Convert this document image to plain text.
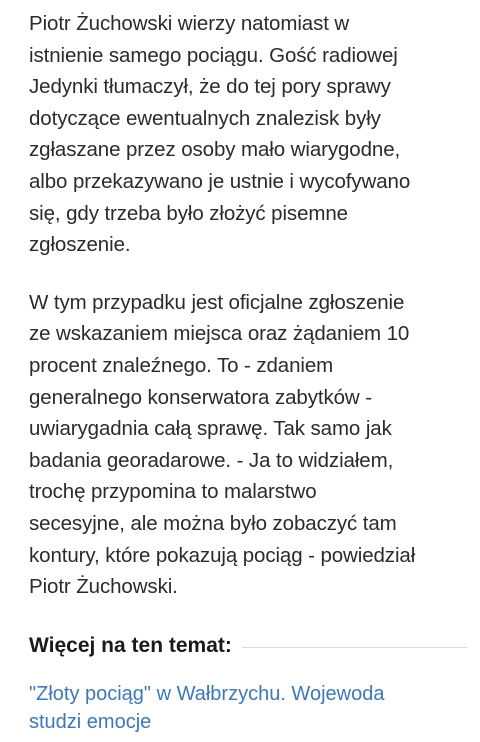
Piotr Żuchowski wierzy natomiast w
istnienie samego pociągu. Gość radiowej
Jedynki tłumaczył, że do tej pory sprawy
dotyczące ewentualnych znalezisk były
zgłaszane przez osoby mało wiarygodne,
albo przekazywano je ustnie i wycofywano
się, gdy trzeba było złożyć pisemne
zgłoszenie.

W tym przypadku jest oficjalne zgłoszenie
ze wskazaniem miejsca oraz żądaniem 10
procent znaleźnego. To - zdaniem
generalnego konserwatora zabytków -
uwiarygadnia całą sprawę. Tak samo jak
badania georadarowe. - Ja to widziałem,
trochę przypomina to malarstwo
secesyjne, ale można było zobaczyć tam
kontury, które pokazują pociąg - powiedział
Piotr Żuchowski.

Więcej na ten temat:
"Złoty pociąg" w Wałbrzychu. Wojewoda
studzi emocje
